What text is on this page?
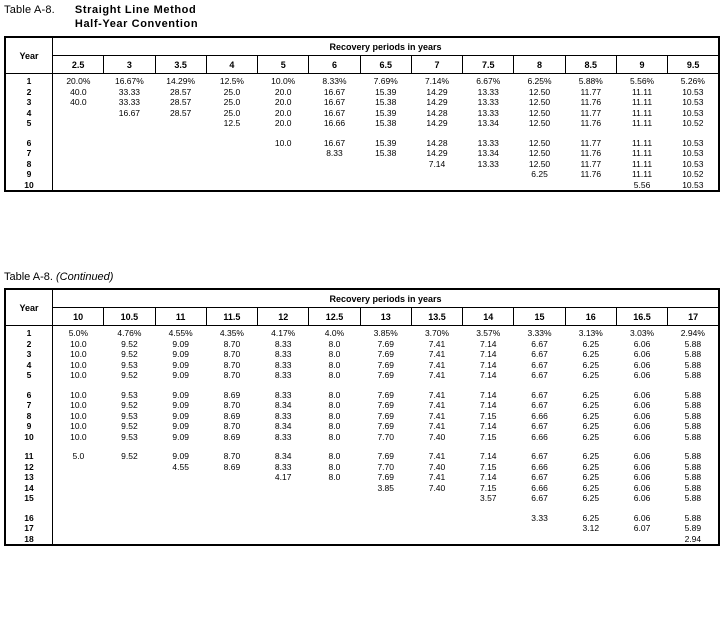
Table A-8. Straight Line Method
Half-Year Convention
Year	Recovery periods in years												
	2.5	3	3.5	4	5	6	6.5	7	7.5	8	8.5	9	9.5
1	20.0%	16.67%	14.29%	12.5%	10.0%	8.33%	7.69%	7.14%	6.67%	6.25%	5.88%	5.56%	5.26%
2	40.0	33.33	28.57	25.0	20.0	16.67	15.39	14.29	13.33	12.50	11.77	11.11	10.53
3	40.0	33.33	28.57	25.0	20.0	16.67	15.38	14.29	13.33	12.50	11.76	11.11	10.53
4		16.67	28.57	25.0	20.0	16.67	15.39	14.28	13.33	12.50	11.77	11.11	10.53
5				12.5	20.0	16.66	15.38	14.29	13.34	12.50	11.76	11.11	10.52

6					10.0	16.67	15.39	14.28	13.33	12.50	11.77	11.11	10.53
7						8.33	15.38	14.29	13.34	12.50	11.76	11.11	10.53
8								7.14	13.33	12.50	11.77	11.11	10.53
9										6.25	11.76	11.11	10.52
10												5.56	10.53
Table A-8. (Continued)
Year	Recovery periods in years												
	10	10.5	11	11.5	12	12.5	13	13.5	14	15	16	16.5	17
1	5.0%	4.76%	4.55%	4.35%	4.17%	4.0%	3.85%	3.70%	3.57%	3.33%	3.13%	3.03%	2.94%
2	10.0	9.52	9.09	8.70	8.33	8.0	7.69	7.41	7.14	6.67	6.25	6.06	5.88
3	10.0	9.52	9.09	8.70	8.33	8.0	7.69	7.41	7.14	6.67	6.25	6.06	5.88
4	10.0	9.53	9.09	8.70	8.33	8.0	7.69	7.41	7.14	6.67	6.25	6.06	5.88
5	10.0	9.52	9.09	8.70	8.33	8.0	7.69	7.41	7.14	6.67	6.25	6.06	5.88

6	10.0	9.53	9.09	8.69	8.33	8.0	7.69	7.41	7.14	6.67	6.25	6.06	5.88
7	10.0	9.52	9.09	8.70	8.34	8.0	7.69	7.41	7.14	6.67	6.25	6.06	5.88
8	10.0	9.53	9.09	8.69	8.33	8.0	7.69	7.41	7.15	6.66	6.25	6.06	5.88
9	10.0	9.52	9.09	8.70	8.34	8.0	7.69	7.41	7.14	6.67	6.25	6.06	5.88
10	10.0	9.53	9.09	8.69	8.33	8.0	7.70	7.40	7.15	6.66	6.25	6.06	5.88

11	5.0	9.52	9.09	8.70	8.34	8.0	7.69	7.41	7.14	6.67	6.25	6.06	5.88
12			4.55	8.69	8.33	8.0	7.70	7.40	7.15	6.66	6.25	6.06	5.88
13					4.17	8.0	7.69	7.41	7.14	6.67	6.25	6.06	5.88
14							3.85	7.40	7.15	6.66	6.25	6.06	5.88
15									3.57	6.67	6.25	6.06	5.88

16										3.33	6.25	6.06	5.88
17											3.12	6.07	5.89
18													2.94
